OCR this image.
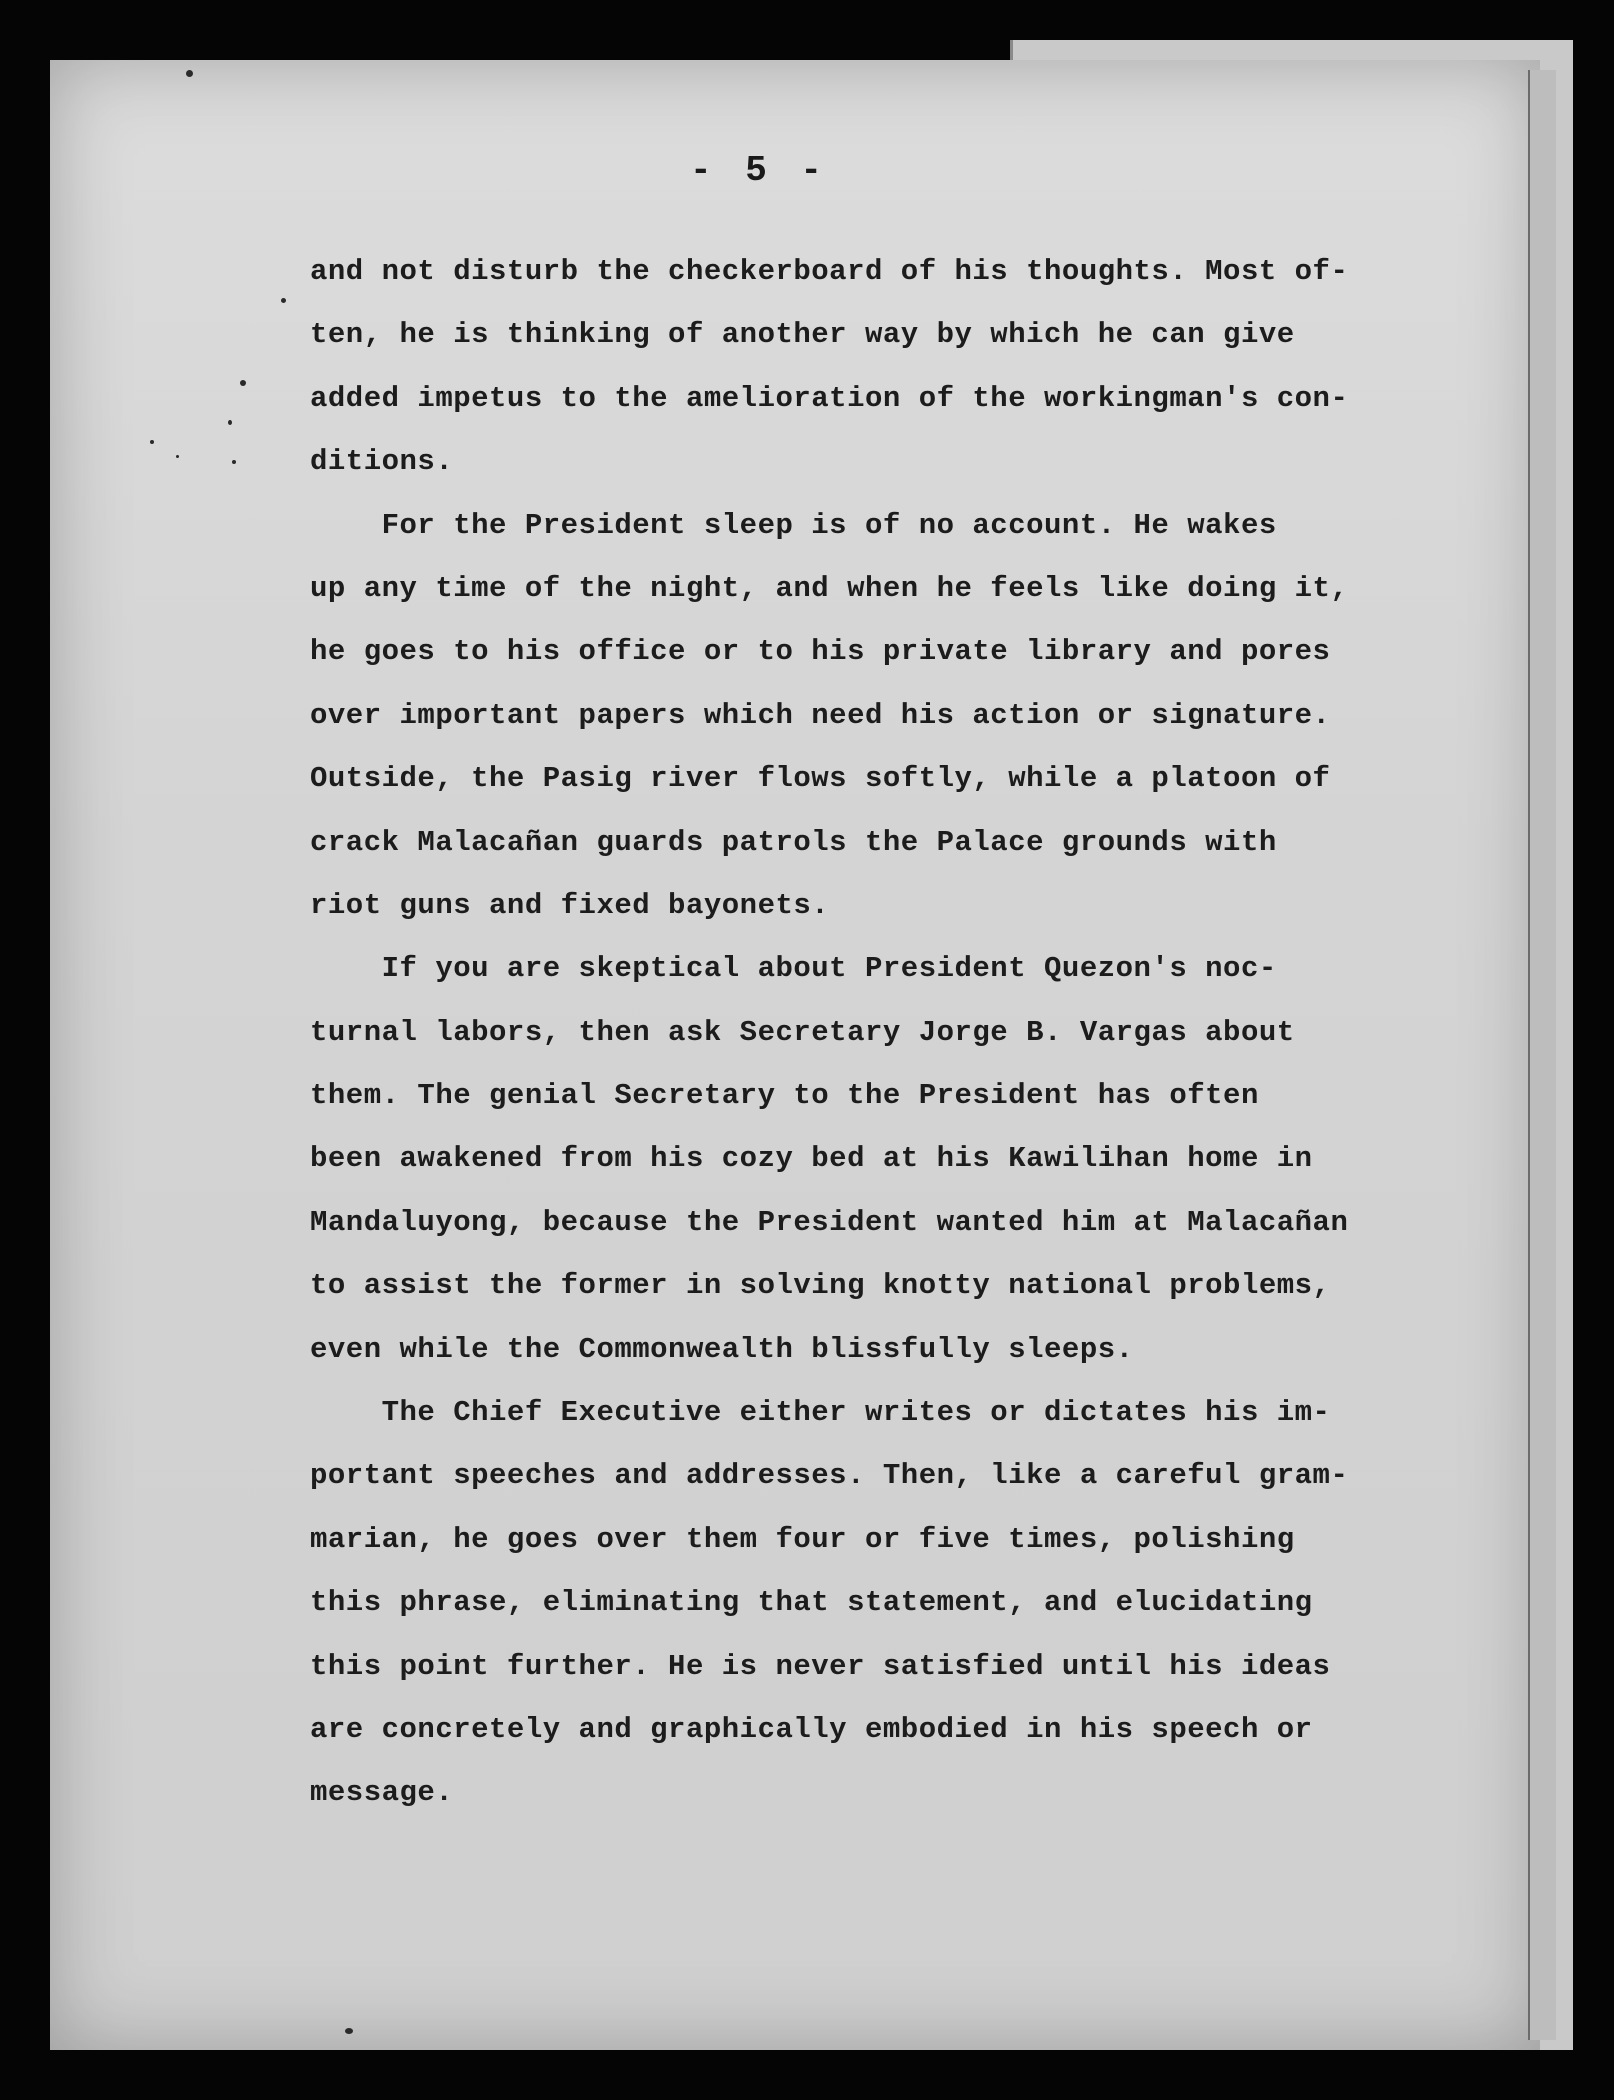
- 5 -
and not disturb the checkerboard of his thoughts. Most of-
ten, he is thinking of another way by which he can give
added impetus to the amelioration of the workingman's con-
ditions.
For the President sleep is of no account. He wakes
up any time of the night, and when he feels like doing it,
he goes to his office or to his private library and pores
over important papers which need his action or signature.
Outside, the Pasig river flows softly, while a platoon of
crack Malacañan guards patrols the Palace grounds with
riot guns and fixed bayonets.
If you are skeptical about President Quezon's noc-
turnal labors, then ask Secretary Jorge B. Vargas about
them. The genial Secretary to the President has often
been awakened from his cozy bed at his Kawilihan home in
Mandaluyong, because the President wanted him at Malacañan
to assist the former in solving knotty national problems,
even while the Commonwealth blissfully sleeps.
The Chief Executive either writes or dictates his im-
portant speeches and addresses. Then, like a careful gram-
marian, he goes over them four or five times, polishing
this phrase, eliminating that statement, and elucidating
this point further. He is never satisfied until his ideas
are concretely and graphically embodied in his speech or
message.
